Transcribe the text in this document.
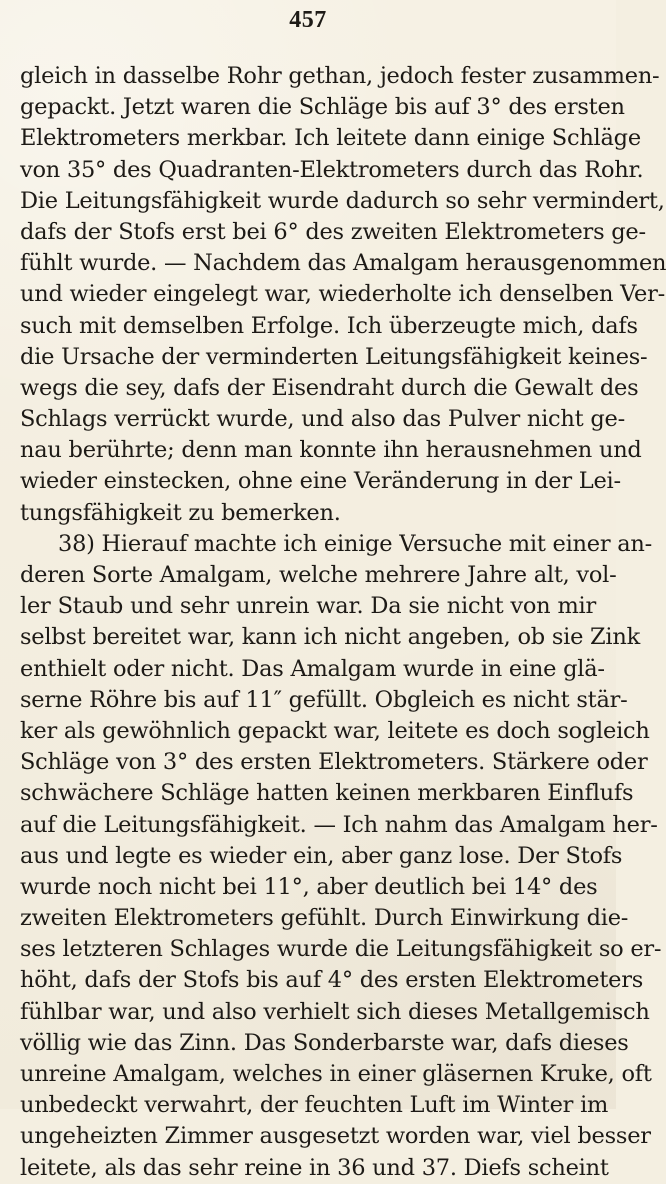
457
gleich in dasselbe Rohr gethan, jedoch fester zusammen-
gepackt. Jetzt waren die Schläge bis auf 3° des ersten
Elektrometers merkbar. Ich leitete dann einige Schläge
von 35° des Quadranten-Elektrometers durch das Rohr.
Die Leitungsfähigkeit wurde dadurch so sehr vermindert,
dafs der Stofs erst bei 6° des zweiten Elektrometers ge-
fühlt wurde. — Nachdem das Amalgam herausgenommen
und wieder eingelegt war, wiederholte ich denselben Ver-
such mit demselben Erfolge. Ich überzeugte mich, dafs
die Ursache der verminderten Leitungsfähigkeit keines-
wegs die sey, dafs der Eisendraht durch die Gewalt des
Schlags verrückt wurde, und also das Pulver nicht ge-
nau berührte; denn man konnte ihn herausnehmen und
wieder einstecken, ohne eine Veränderung in der Lei-
tungsfähigkeit zu bemerken.
38) Hierauf machte ich einige Versuche mit einer an-
deren Sorte Amalgam, welche mehrere Jahre alt, vol-
ler Staub und sehr unrein war. Da sie nicht von mir
selbst bereitet war, kann ich nicht angeben, ob sie Zink
enthielt oder nicht. Das Amalgam wurde in eine glä-
serne Röhre bis auf 11″ gefüllt. Obgleich es nicht stär-
ker als gewöhnlich gepackt war, leitete es doch sogleich
Schläge von 3° des ersten Elektrometers. Stärkere oder
schwächere Schläge hatten keinen merkbaren Einflufs
auf die Leitungsfähigkeit. — Ich nahm das Amalgam her-
aus und legte es wieder ein, aber ganz lose. Der Stofs
wurde noch nicht bei 11°, aber deutlich bei 14° des
zweiten Elektrometers gefühlt. Durch Einwirkung die-
ses letzteren Schlages wurde die Leitungsfähigkeit so er-
höht, dafs der Stofs bis auf 4° des ersten Elektrometers
fühlbar war, und also verhielt sich dieses Metallgemisch
völlig wie das Zinn. Das Sonderbarste war, dafs dieses
unreine Amalgam, welches in einer gläsernen Kruke, oft
unbedeckt verwahrt, der feuchten Luft im Winter im
ungeheizten Zimmer ausgesetzt worden war, viel besser
leitete, als das sehr reine in 36 und 37. Diefs scheint
